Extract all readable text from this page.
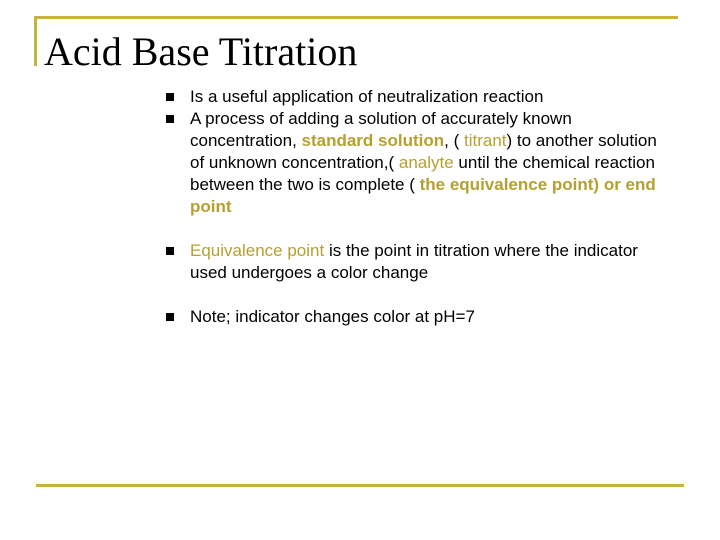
Acid Base Titration
Is a useful application of neutralization reaction
A process of adding a solution of accurately known concentration, standard solution, ( titrant) to another solution of unknown concentration,( analyte until the chemical reaction between the two is complete ( the equivalence point) or end point
Equivalence point is the point in titration where the indicator used undergoes a color change
Note; indicator changes color at pH=7
